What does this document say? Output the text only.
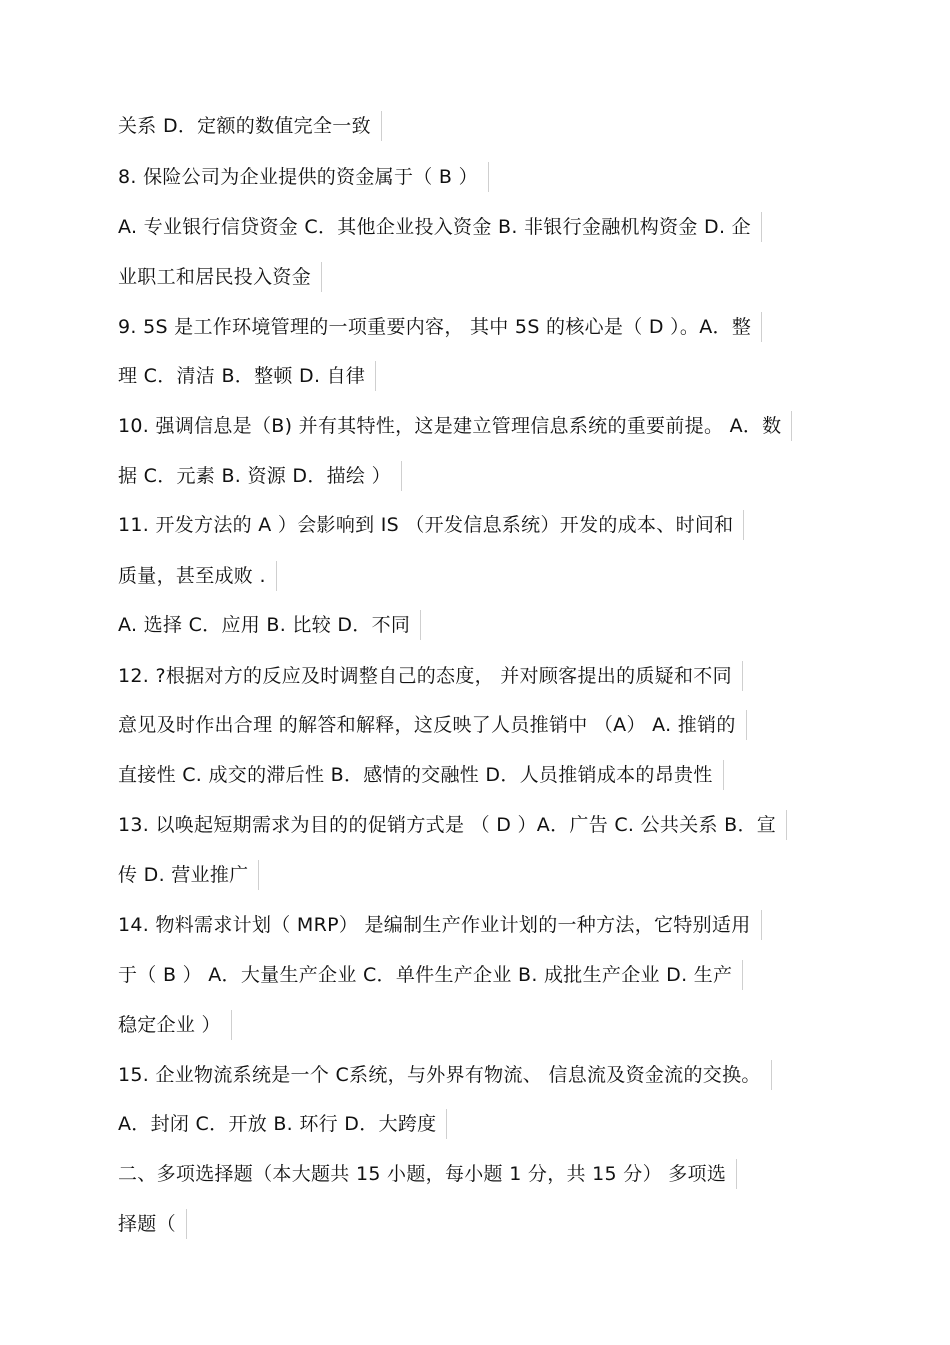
关系 D．定额的数值完全一致
8. 保险公司为企业提供的资金属于（ B ）
A. 专业银行信贷资金 C．其他企业投入资金 B. 非银行金融机构资金 D. 企
业职工和居民投入资金
9. 5S 是工作环境管理的一项重要内容， 其中 5S 的核心是（ D ）。A．整
理 C．清洁 B．整顿 D. 自律
10. 强调信息是（B) 并有其特性，这是建立管理信息系统的重要前提。 A．数
据 C．元素 B. 资源 D．描绘 ）
11. 开发方法的 A ）会影响到 IS （开发信息系统）开发的成本、时间和
质量，甚至成败 .
A. 选择 C．应用 B. 比较 D．不同
12. ?根据对方的反应及时调整自己的态度， 并对顾客提出的质疑和不同
意见及时作出合理 的解答和解释，这反映了人员推销中 （A） A. 推销的
直接性 C. 成交的滞后性 B．感情的交融性 D．人员推销成本的昂贵性
13. 以唤起短期需求为目的的促销方式是 （ D ）A．广告 C. 公共关系 B．宣
传 D. 营业推广
14. 物料需求计划（ MRP） 是编制生产作业计划的一种方法，它特别适用
于（ B ） A．大量生产企业 C．单件生产企业 B. 成批生产企业 D. 生产
稳定企业 ）
15. 企业物流系统是一个 C系统，与外界有物流、 信息流及资金流的交换。
A．封闭 C．开放 B. 环行 D．大跨度
二、多项选择题（本大题共 15 小题，每小题 1 分，共 15 分） 多项选
择题（
